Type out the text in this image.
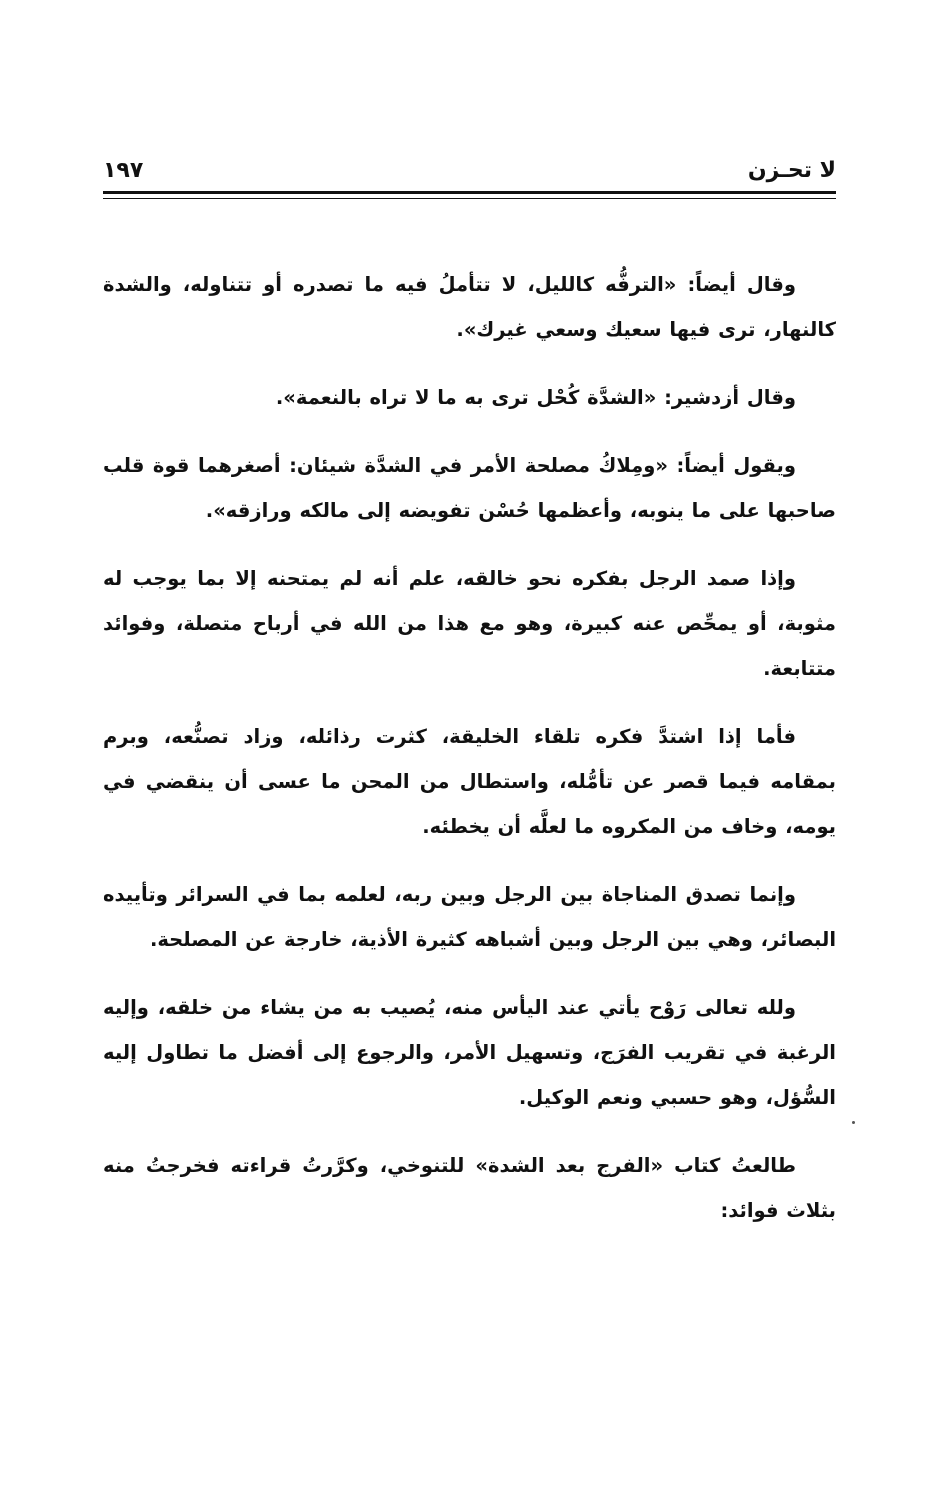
لا تحـزن
١٩٧

وقال أيضاً: «الترفُّه كالليل، لا تتأملُ فيه ما تصدره أو تتناوله، والشدة كالنهار، ترى فيها سعيك وسعي غيرك».

وقال أزدشير: «الشدَّة كُحْل ترى به ما لا تراه بالنعمة».

ويقول أيضاً: «ومِلاكُ مصلحة الأمر في الشدَّة شيئان: أصغرهما قوة قلب صاحبها على ما ينوبه، وأعظمها حُسْن تفويضه إلى مالكه ورازقه».

وإذا صمد الرجل بفكره نحو خالقه، علم أنه لم يمتحنه إلا بما يوجب له مثوبة، أو يمحِّص عنه كبيرة، وهو مع هذا من الله في أرباح متصلة، وفوائد متتابعة.

فأما إذا اشتدَّ فكره تلقاء الخليقة، كثرت رذائله، وزاد تصنُّعه، وبرم بمقامه فيما قصر عن تأمُّله، واستطال من المحن ما عسى أن ينقضي في يومه، وخاف من المكروه ما لعلَّه أن يخطئه.

وإنما تصدق المناجاة بين الرجل وبين ربه، لعلمه بما في السرائر وتأييده البصائر، وهي بين الرجل وبين أشباهه كثيرة الأذية، خارجة عن المصلحة.

ولله تعالى رَوْح يأتي عند اليأس منه، يُصيب به من يشاء من خلقه، وإليه الرغبة في تقريب الفرَج، وتسهيل الأمر، والرجوع إلى أفضل ما تطاول إليه السُّؤل، وهو حسبي ونعم الوكيل.

طالعتُ كتاب «الفرج بعد الشدة» للتنوخي، وكرَّرتُ قراءته فخرجتُ منه بثلاث فوائد:
